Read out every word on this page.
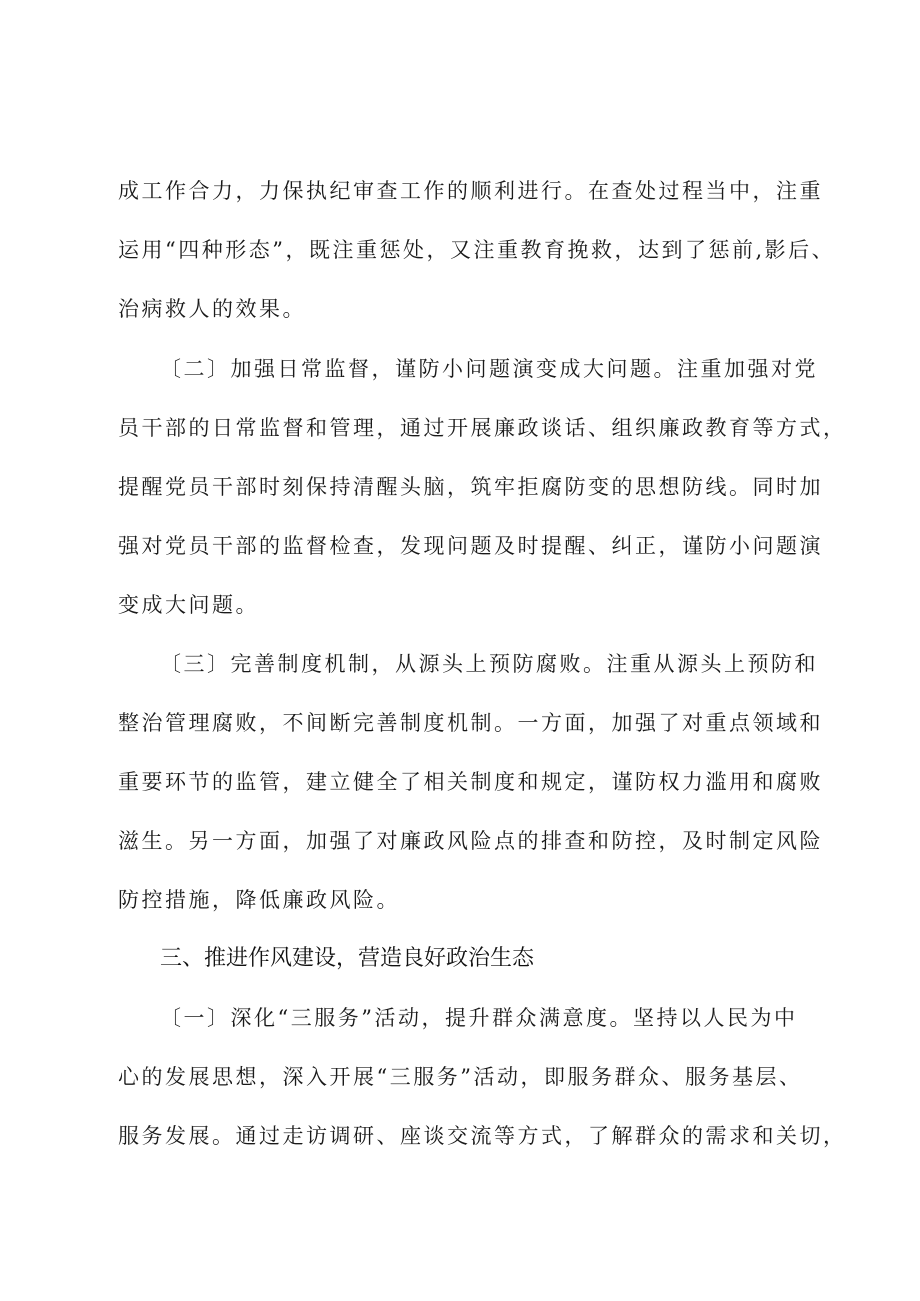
成工作合力，力保执纪审查工作的顺利进行。在查处过程当中，注重
运用“四种形态”，既注重惩处，又注重教育挽救，达到了惩前,影后、
治病救人的效果。
〔二〕加强日常监督，谨防小问题演变成大问题。注重加强对党
员干部的日常监督和管理，通过开展廉政谈话、组织廉政教育等方式，
提醒党员干部时刻保持清醒头脑，筑牢拒腐防变的思想防线。同时加
强对党员干部的监督检查，发现问题及时提醒、纠正，谨防小问题演
变成大问题。
〔三〕完善制度机制，从源头上预防腐败。注重从源头上预防和
整治管理腐败，不间断完善制度机制。一方面，加强了对重点领域和
重要环节的监管，建立健全了相关制度和规定，谨防权力滥用和腐败
滋生。另一方面，加强了对廉政风险点的排查和防控，及时制定风险
防控措施，降低廉政风险。
三、推进作风建设，营造良好政治生态
〔一〕深化“三服务”活动，提升群众满意度。坚持以人民为中
心的发展思想，深入开展“三服务”活动，即服务群众、服务基层、
服务发展。通过走访调研、座谈交流等方式，了解群众的需求和关切，
